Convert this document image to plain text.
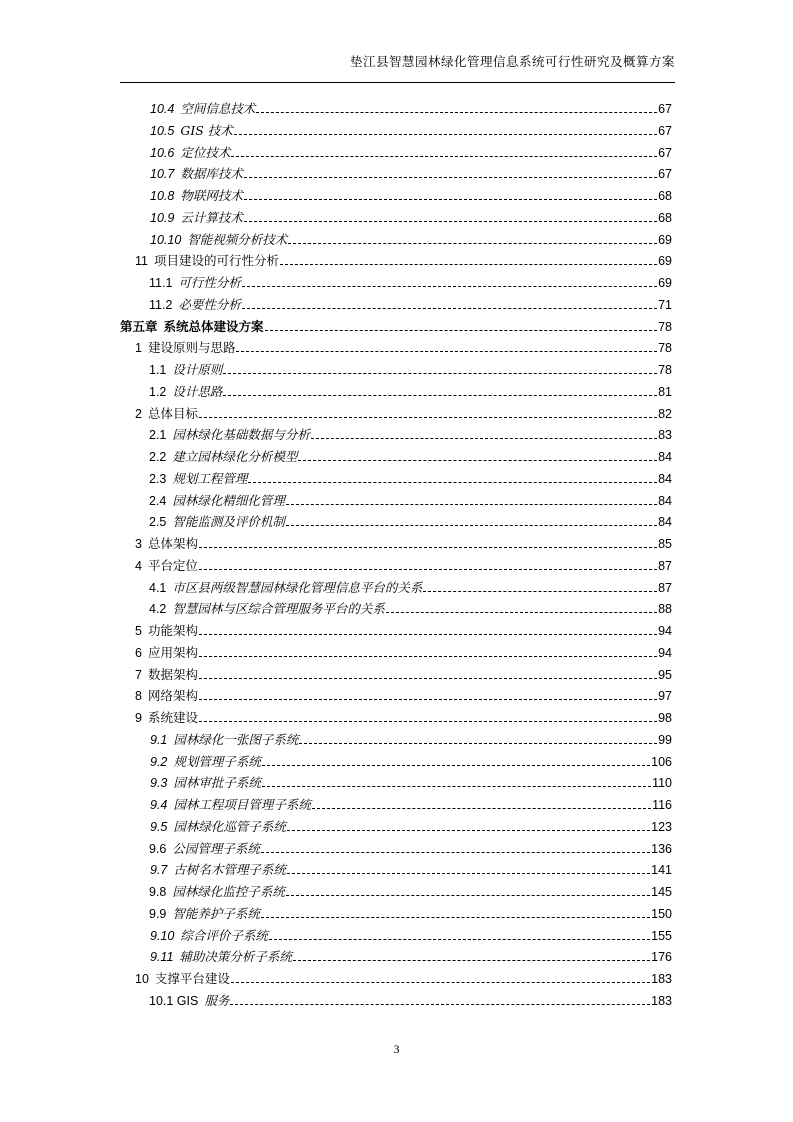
垫江县智慧园林绿化管理信息系统可行性研究及概算方案
10.4 空间信息技术	67
10.5 GIS 技术	67
10.6 定位技术	67
10.7 数据库技术	67
10.8 物联网技术	68
10.9 云计算技术	68
10.10 智能视频分析技术	69
11 项目建设的可行性分析	69
11.1 可行性分析	69
11.2 必要性分析	71
第五章 系统总体建设方案	78
1 建设原则与思路	78
1.1 设计原则	78
1.2 设计思路	81
2 总体目标	82
2.1 园林绿化基础数据与分析	83
2.2 建立园林绿化分析模型	84
2.3 规划工程管理	84
2.4 园林绿化精细化管理	84
2.5 智能监测及评价机制	84
3 总体架构	85
4 平台定位	87
4.1 市区县两级智慧园林绿化管理信息平台的关系	87
4.2 智慧园林与区综合管理服务平台的关系	88
5 功能架构	94
6 应用架构	94
7 数据架构	95
8 网络架构	97
9 系统建设	98
9.1 园林绿化一张图子系统	99
9.2 规划管理子系统	106
9.3 园林审批子系统	110
9.4 园林工程项目管理子系统	116
9.5 园林绿化巡管子系统	123
9.6 公园管理子系统	136
9.7 古树名木管理子系统	141
9.8 园林绿化监控子系统	145
9.9 智能养护子系统	150
9.10 综合评价子系统	155
9.11 辅助决策分析子系统	176
10 支撑平台建设	183
10.1 GIS 服务	183
3
